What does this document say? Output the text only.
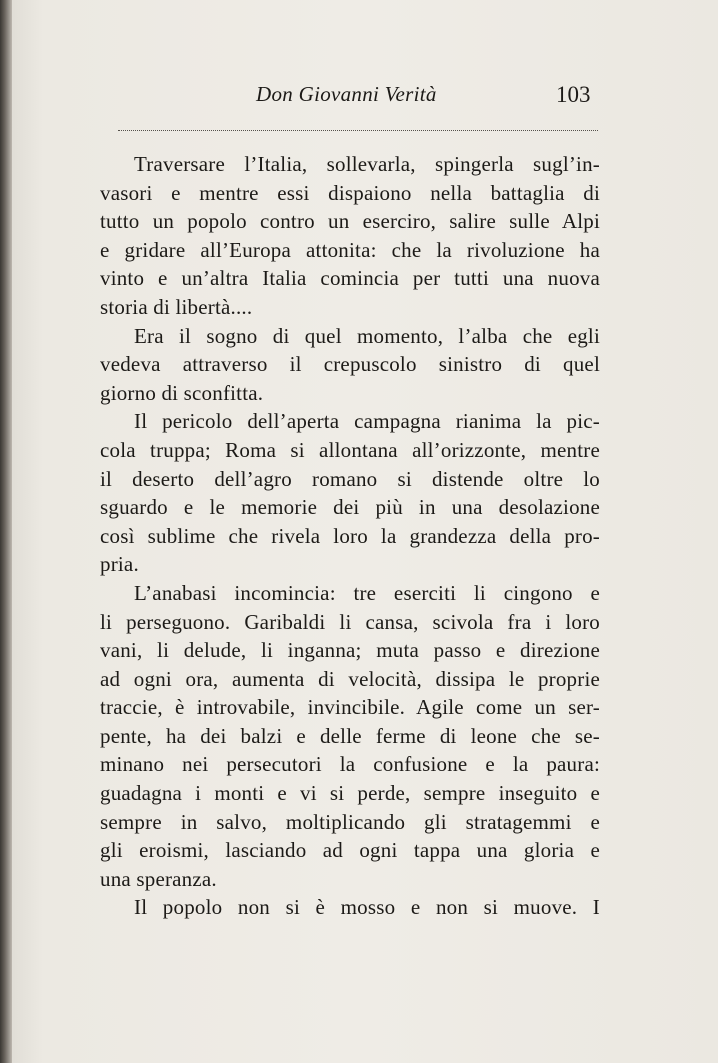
Don Giovanni Verità	103
Traversare l’Italia, sollevarla, spingerla sugl’in-
vasori e mentre essi dispaiono nella battaglia di
tutto un popolo contro un eserciro, salire sulle Alpi
e gridare all’Europa attonita: che la rivoluzione ha
vinto e un’altra Italia comincia per tutti una nuova
storia di libertà....
Era il sogno di quel momento, l’alba che egli
vedeva attraverso il crepuscolo sinistro di quel
giorno di sconfitta.
Il pericolo dell’aperta campagna rianima la pic-
cola truppa; Roma si allontana all’orizzonte, mentre
il deserto dell’agro romano si distende oltre lo
sguardo e le memorie dei più in una desolazione
così sublime che rivela loro la grandezza della pro-
pria.
L’anabasi incomincia: tre eserciti li cingono e
li perseguono. Garibaldi li cansa, scivola fra i loro
vani, li delude, li inganna; muta passo e direzione
ad ogni ora, aumenta di velocità, dissipa le proprie
traccie, è introvabile, invincibile. Agile come un ser-
pente, ha dei balzi e delle ferme di leone che se-
minano nei persecutori la confusione e la paura:
guadagna i monti e vi si perde, sempre inseguito e
sempre in salvo, moltiplicando gli stratagemmi e
gli eroismi, lasciando ad ogni tappa una gloria e
una speranza.
Il popolo non si è mosso e non si muove. I
